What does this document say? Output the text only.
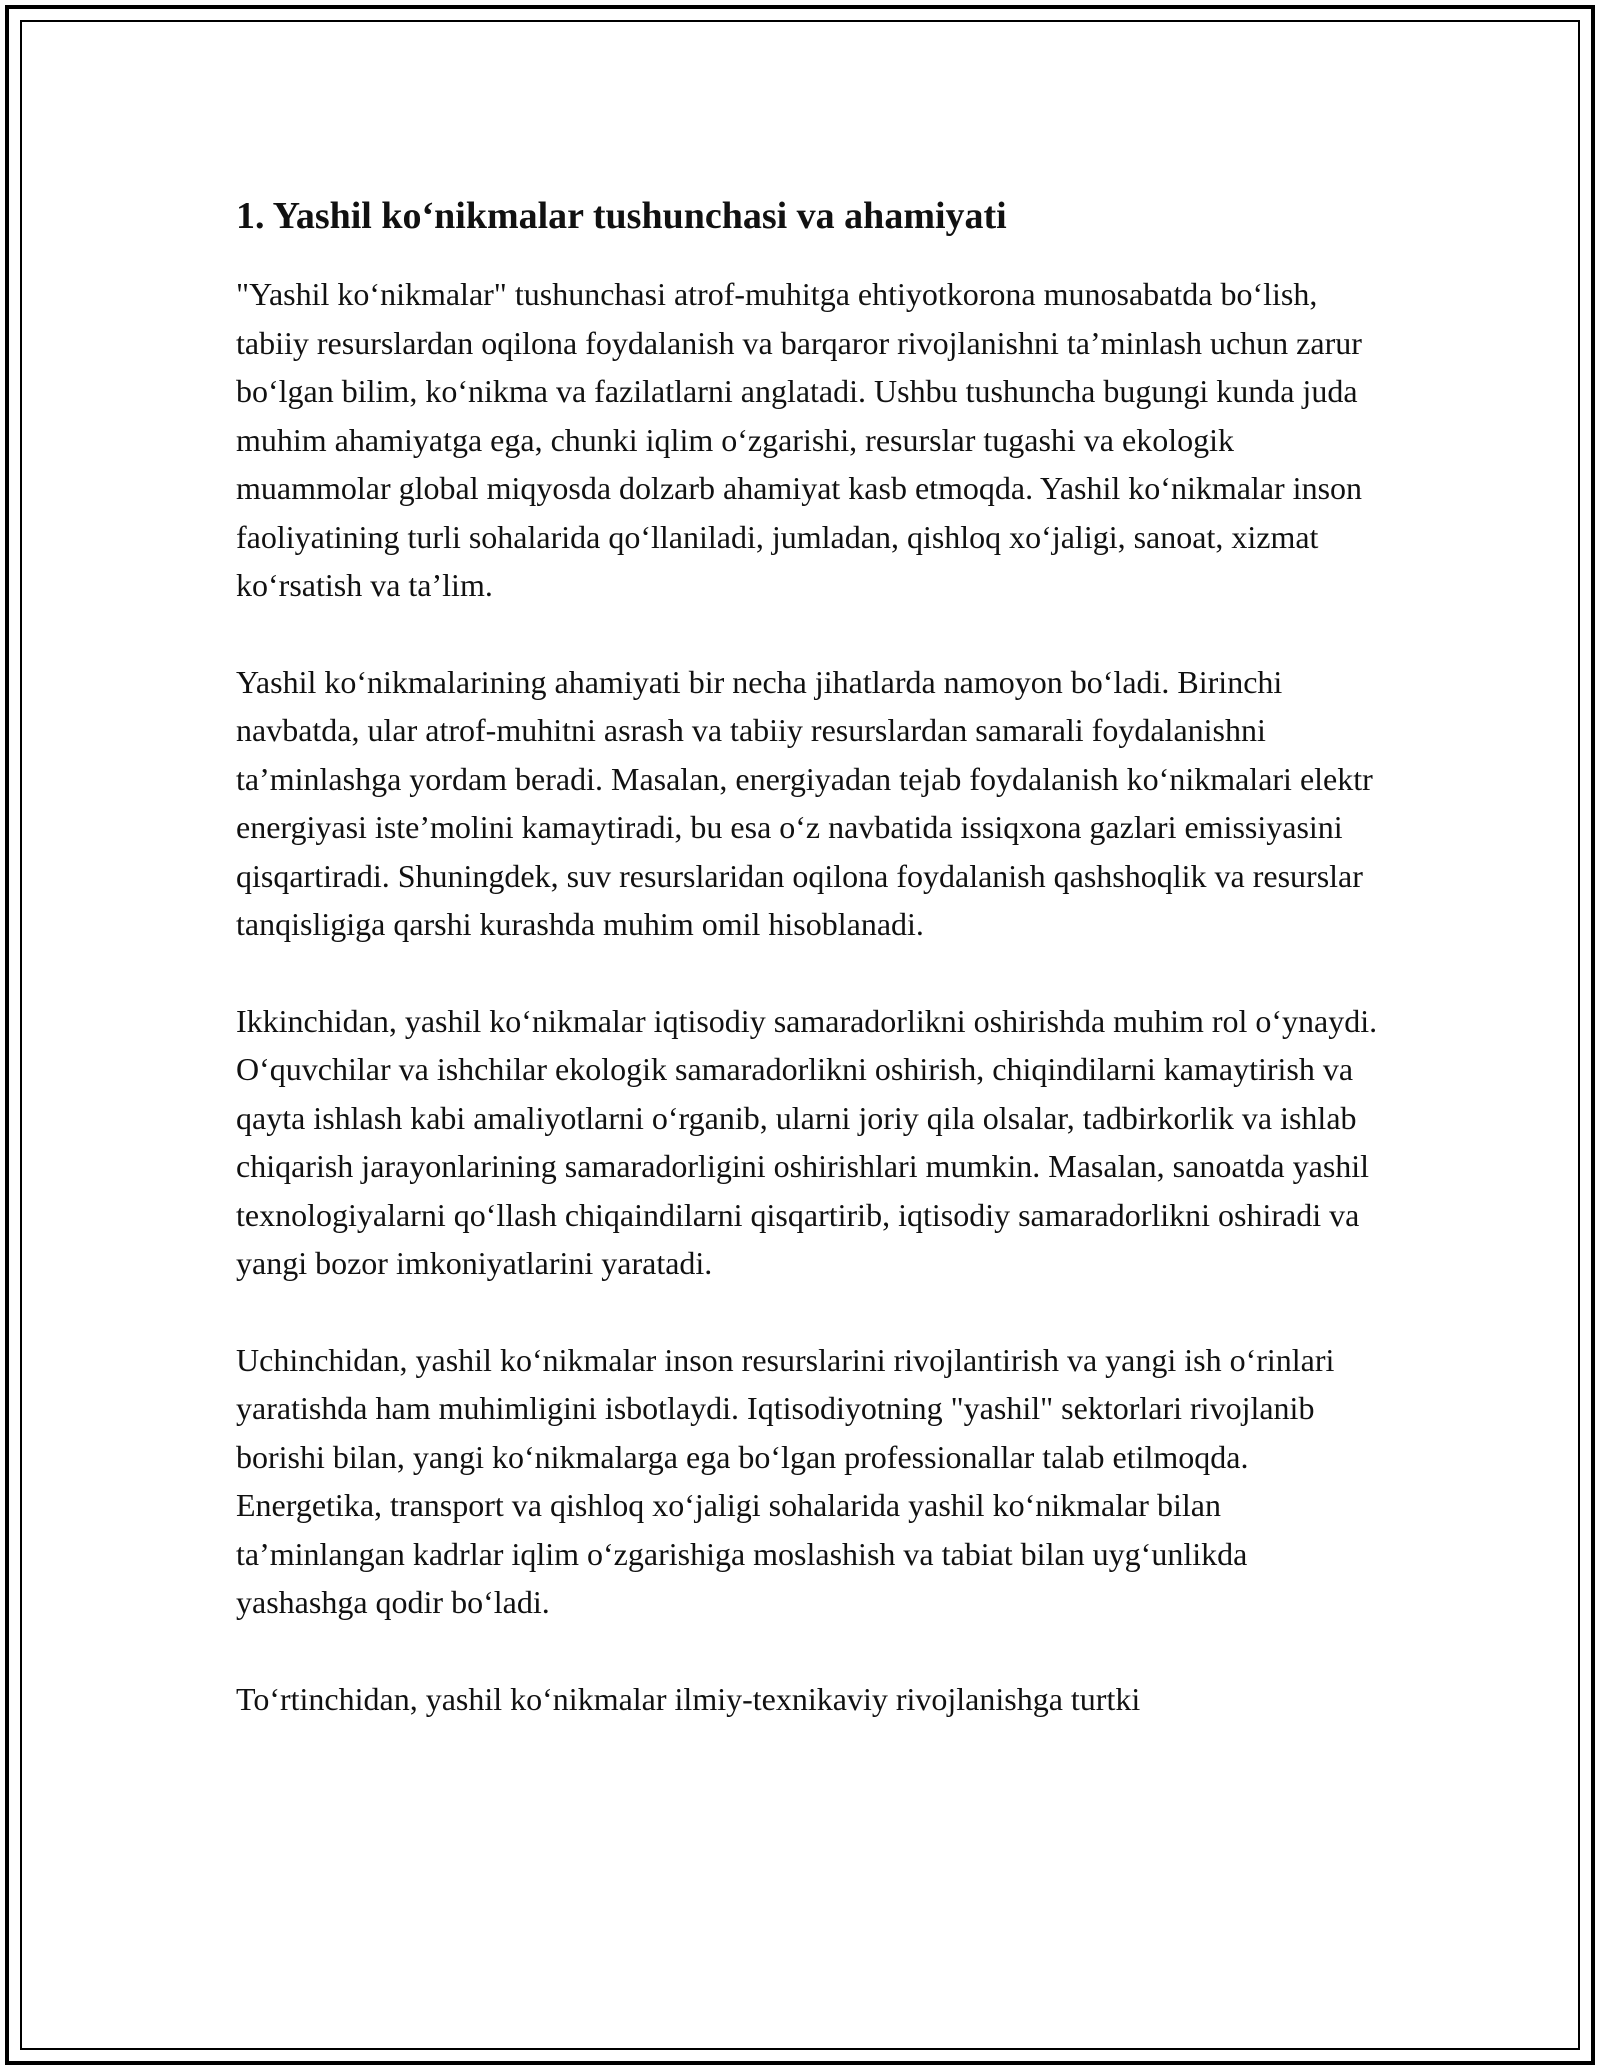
1. Yashil ko‘nikmalar tushunchasi va ahamiyati

"Yashil ko‘nikmalar" tushunchasi atrof-muhitga ehtiyotkorona munosabatda bo‘lish, tabiiy resurslardan oqilona foydalanish va barqaror rivojlanishni ta’minlash uchun zarur bo‘lgan bilim, ko‘nikma va fazilatlarni anglatadi. Ushbu tushuncha bugungi kunda juda muhim ahamiyatga ega, chunki iqlim o‘zgarishi, resurslar tugashi va ekologik muammolar global miqyosda dolzarb ahamiyat kasb etmoqda. Yashil ko‘nikmalar inson faoliyatining turli sohalarida qo‘llaniladi, jumladan, qishloq xo‘jaligi, sanoat, xizmat ko‘rsatish va ta’lim.

Yashil ko‘nikmalarining ahamiyati bir necha jihatlarda namoyon bo‘ladi. Birinchi navbatda, ular atrof-muhitni asrash va tabiiy resurslardan samarali foydalanishni ta’minlashga yordam beradi. Masalan, energiyadan tejab foydalanish ko‘nikmalari elektr energiyasi iste’molini kamaytiradi, bu esa o‘z navbatida issiqxona gazlari emissiyasini qisqartiradi. Shuningdek, suv resurslaridan oqilona foydalanish qashshoqlik va resurslar tanqisligiga qarshi kurashda muhim omil hisoblanadi.

Ikkinchidan, yashil ko‘nikmalar iqtisodiy samaradorlikni oshirishda muhim rol o‘ynaydi. O‘quvchilar va ishchilar ekologik samaradorlikni oshirish, chiqindilarni kamaytirish va qayta ishlash kabi amaliyotlarni o‘rganib, ularni joriy qila olsalar, tadbirkorlik va ishlab chiqarish jarayonlarining samaradorligini oshirishlari mumkin. Masalan, sanoatda yashil texnologiyalarni qo‘llash chiqaindilarni qisqartirib, iqtisodiy samaradorlikni oshiradi va yangi bozor imkoniyatlarini yaratadi.

Uchinchidan, yashil ko‘nikmalar inson resurslarini rivojlantirish va yangi ish o‘rinlari yaratishda ham muhimligini isbotlaydi. Iqtisodiyotning "yashil" sektorlari rivojlanib borishi bilan, yangi ko‘nikmalarga ega bo‘lgan professionallar talab etilmoqda. Energetika, transport va qishloq xo‘jaligi sohalarida yashil ko‘nikmalar bilan ta’minlangan kadrlar iqlim o‘zgarishiga moslashish va tabiat bilan uyg‘unlikda yashashga qodir bo‘ladi.

To‘rtinchidan, yashil ko‘nikmalar ilmiy-texnikaviy rivojlanishga turtki
